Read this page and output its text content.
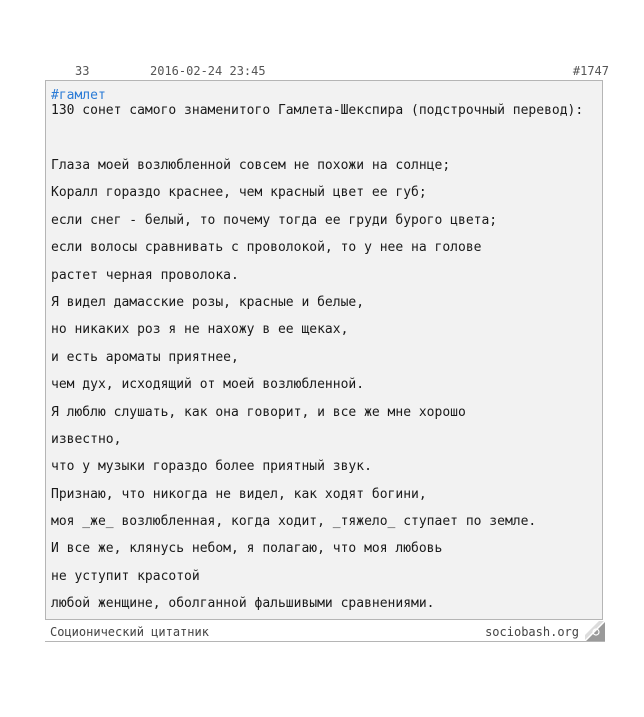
33	2016-02-24 23:45	#1747
#гамлет
130 сонет самого знаменитого Гамлета-Шекспира (подстрочный перевод):
Глаза моей возлюбленной совсем не похожи на солнце;
Коралл гораздо краснее, чем красный цвет ее губ;
если снег - белый, то почему тогда ее груди бурого цвета;
если волосы сравнивать с проволокой, то у нее на голове
растет черная проволока.
Я видел дамасские розы, красные и белые,
но никаких роз я не нахожу в ее щеках,
и есть ароматы приятнее,
чем дух, исходящий от моей возлюбленной.
Я люблю слушать, как она говорит, и все же мне хорошо
известно,
что у музыки гораздо более приятный звук.
Признаю, что никогда не видел, как ходят богини,
моя _же_ возлюбленная, когда ходит, _тяжело_ ступает по земле.
И все же, клянусь небом, я полагаю, что моя любовь
не уступит красотой
любой женщине, оболганной фальшивыми сравнениями.
Соционический цитатник	sociobash.org
